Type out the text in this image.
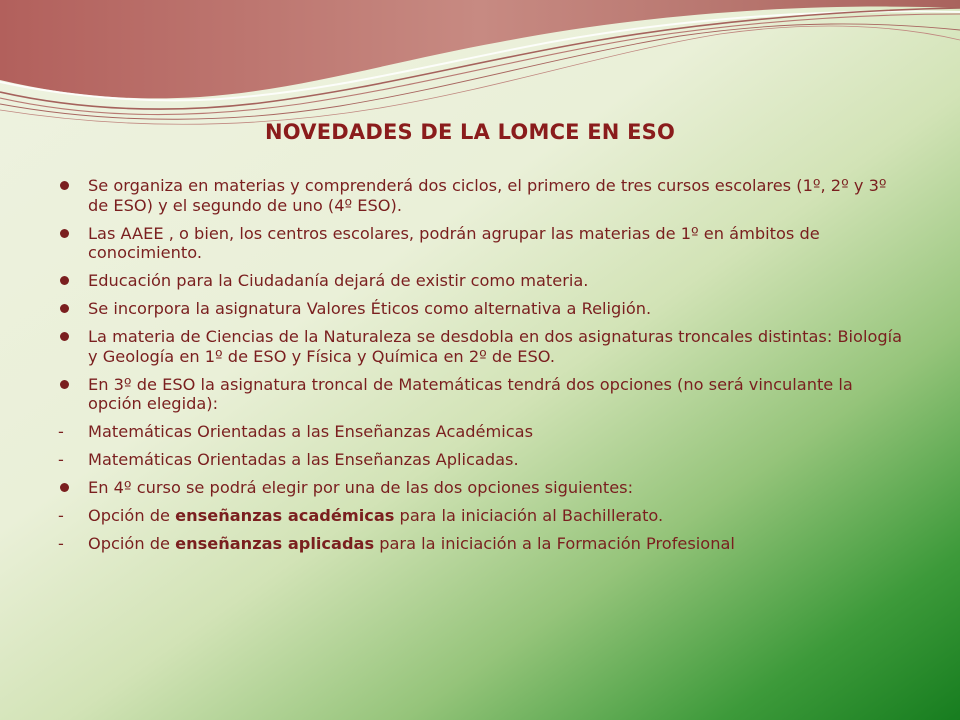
NOVEDADES DE LA LOMCE EN ESO
Se organiza en materias y comprenderá dos ciclos, el primero de tres cursos escolares (1º, 2º y 3º de ESO) y el segundo de uno (4º ESO).
Las AAEE , o bien, los centros escolares, podrán agrupar las materias de 1º en ámbitos de conocimiento.
Educación para la Ciudadanía dejará de existir como materia.
Se incorpora la asignatura Valores Éticos como alternativa a Religión.
La materia de Ciencias de la Naturaleza se desdobla en dos asignaturas troncales distintas: Biología y Geología en 1º de ESO y Física y Química en 2º de ESO.
En 3º de ESO la asignatura troncal de Matemáticas tendrá dos opciones (no será vinculante la opción elegida):
- Matemáticas Orientadas a las Enseñanzas Académicas
- Matemáticas Orientadas a las Enseñanzas Aplicadas.
En 4º curso se podrá elegir por una de las dos opciones siguientes:
- Opción de enseñanzas académicas para la iniciación al Bachillerato.
- Opción de enseñanzas aplicadas para la iniciación a la Formación Profesional
